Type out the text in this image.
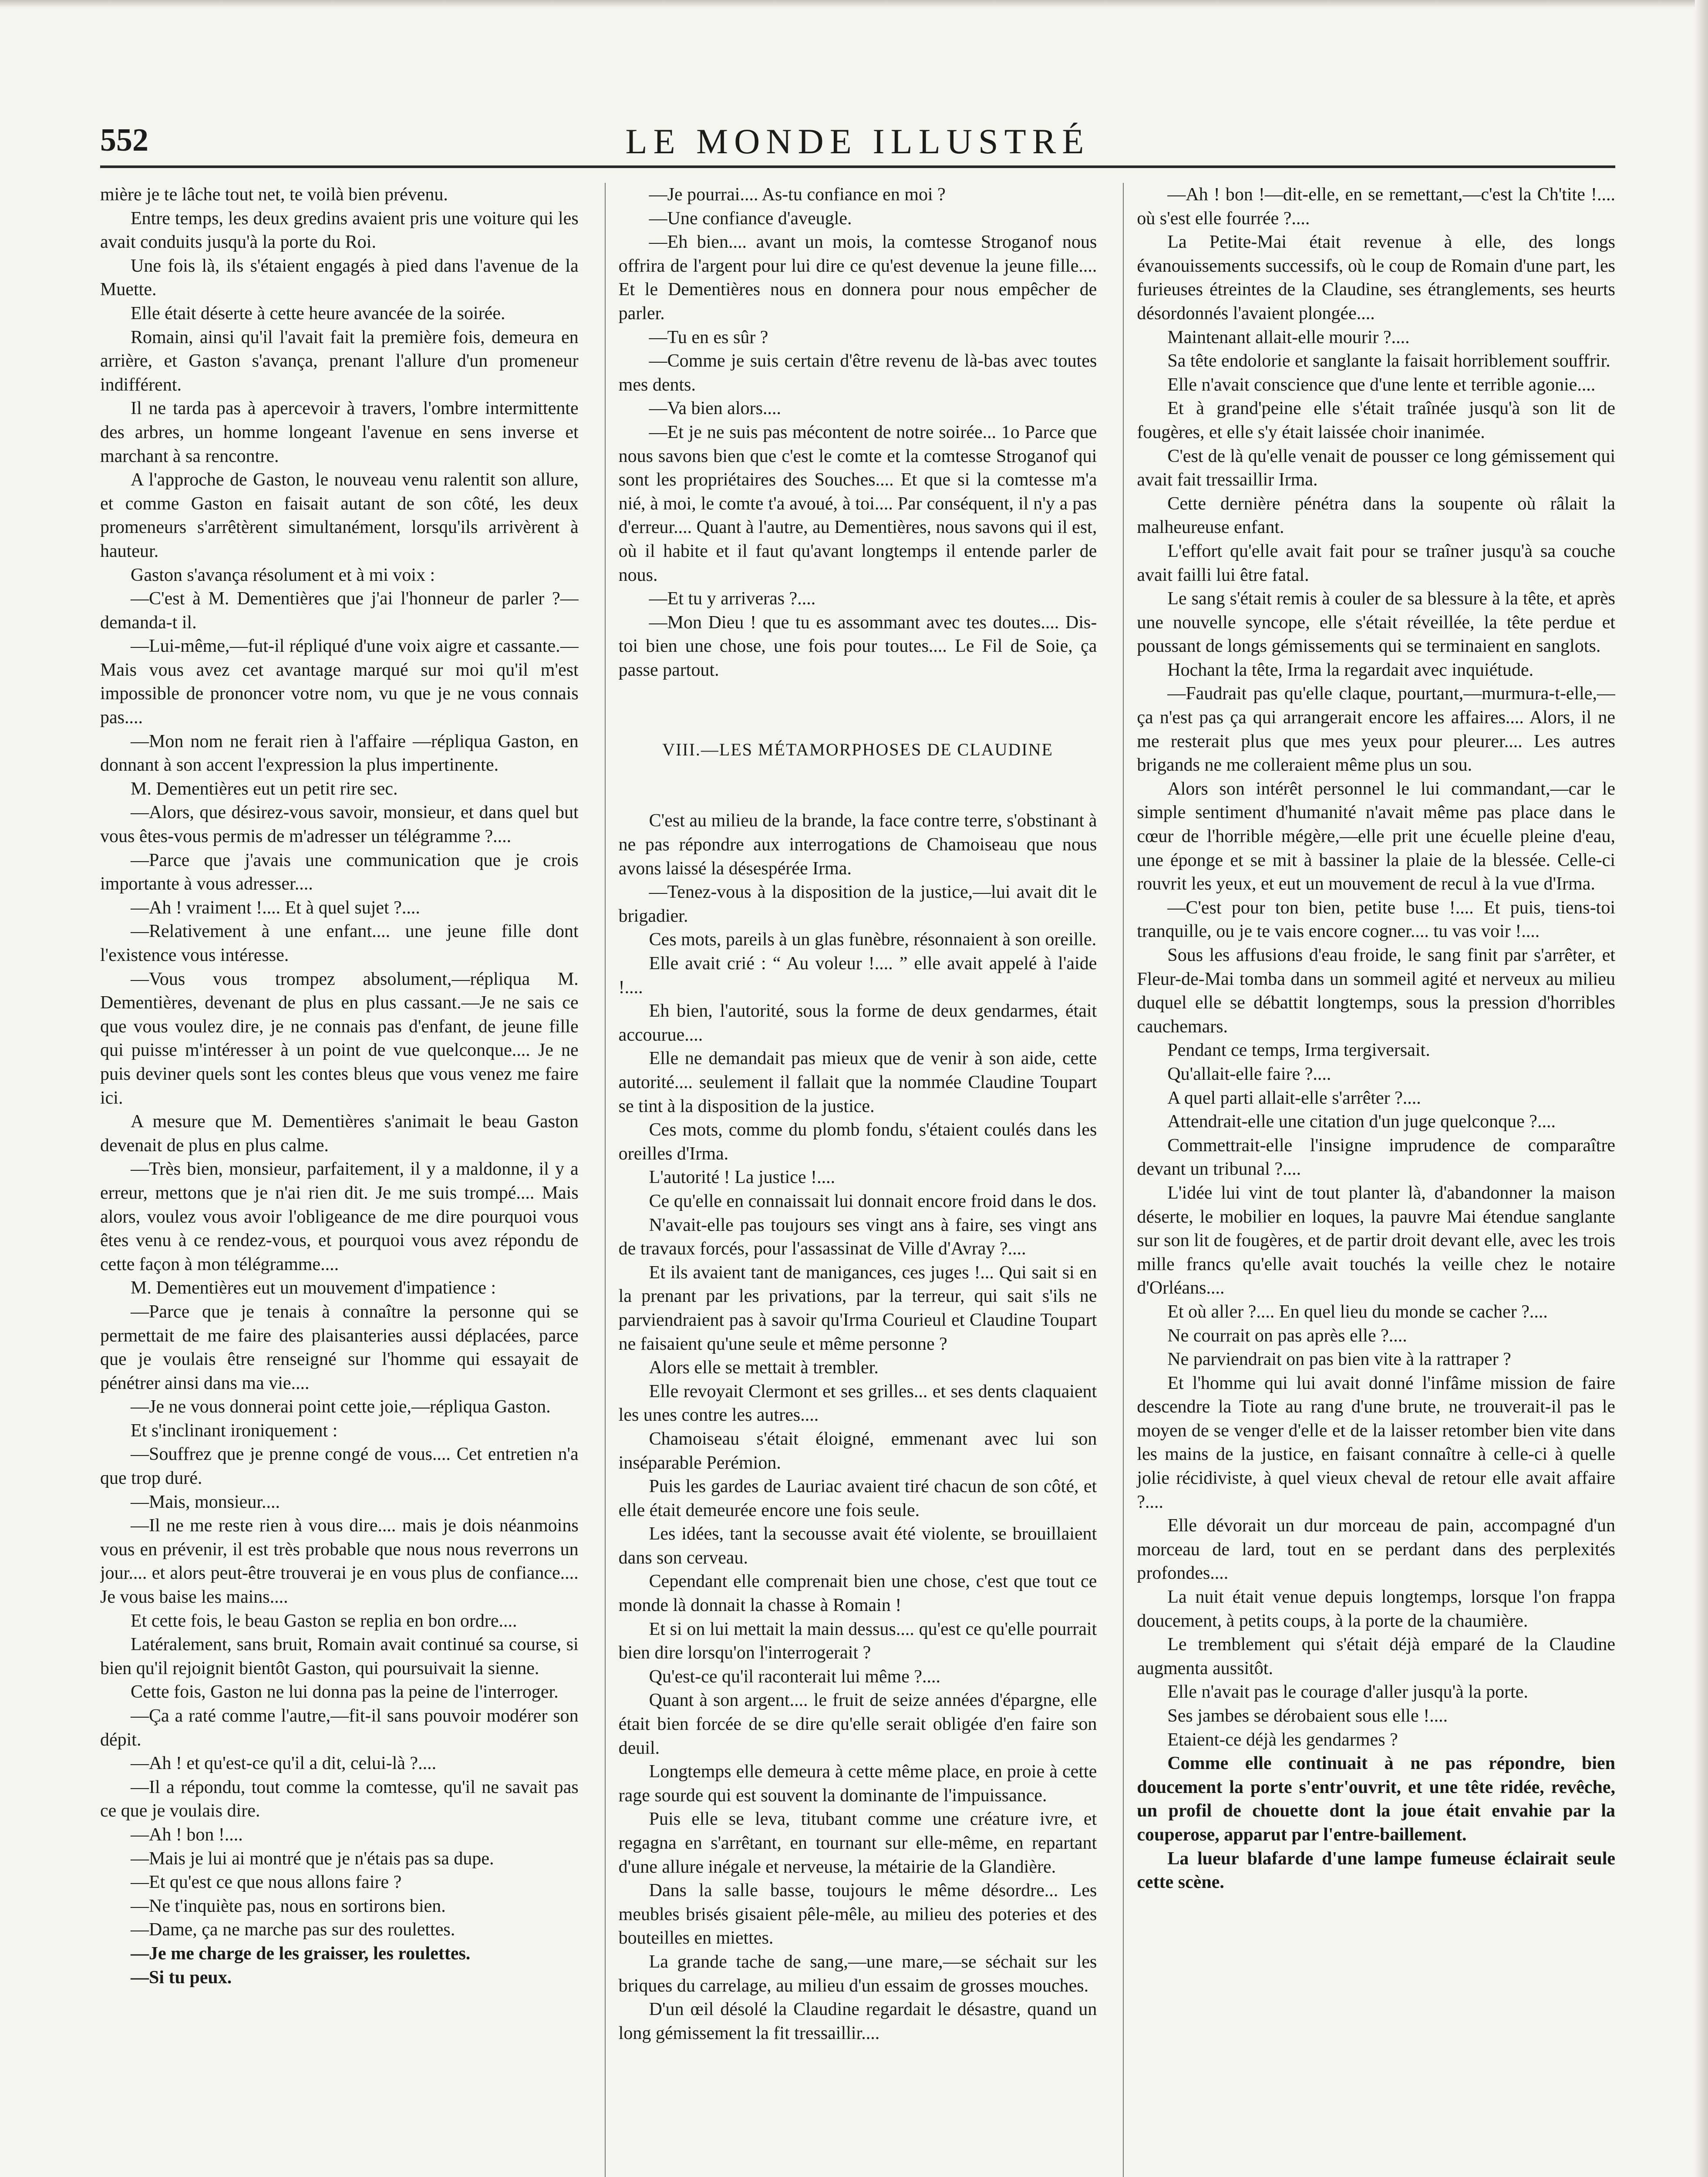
552	LE MONDE ILLUSTRÉ

mière je te lâche tout net, te voilà bien prévenu.

Entre temps, les deux gredins avaient pris une voiture qui les avait conduits jusqu'à la porte du Roi.

Une fois là, ils s'étaient engagés à pied dans l'avenue de la Muette.

Elle était déserte à cette heure avancée de la soirée.

Romain, ainsi qu'il l'avait fait la première fois, demeura en arrière, et Gaston s'avança, prenant l'allure d'un promeneur indifférent.

Il ne tarda pas à apercevoir à travers, l'ombre intermittente des arbres, un homme longeant l'avenue en sens inverse et marchant à sa rencontre.

A l'approche de Gaston, le nouveau venu ralentit son allure, et comme Gaston en faisait autant de son côté, les deux promeneurs s'arrêtèrent simultanément, lorsqu'ils arrivèrent à hauteur.

Gaston s'avança résolument et à mi voix :

—C'est à M. Dementières que j'ai l'honneur de parler ?—demanda-t il.

—Lui-même,—fut-il répliqué d'une voix aigre et cassante.—Mais vous avez cet avantage marqué sur moi qu'il m'est impossible de prononcer votre nom, vu que je ne vous connais pas....

—Mon nom ne ferait rien à l'affaire —répliqua Gaston, en donnant à son accent l'expression la plus impertinente.

M. Dementières eut un petit rire sec.

—Alors, que désirez-vous savoir, monsieur, et dans quel but vous êtes-vous permis de m'adresser un télégramme ?....

—Parce que j'avais une communication que je crois importante à vous adresser....

—Ah ! vraiment !.... Et à quel sujet ?....

—Relativement à une enfant.... une jeune fille dont l'existence vous intéresse.

—Vous vous trompez absolument,—répliqua M. Dementières, devenant de plus en plus cassant.—Je ne sais ce que vous voulez dire, je ne connais pas d'enfant, de jeune fille qui puisse m'intéresser à un point de vue quelconque.... Je ne puis deviner quels sont les contes bleus que vous venez me faire ici.

A mesure que M. Dementières s'animait le beau Gaston devenait de plus en plus calme.

—Très bien, monsieur, parfaitement, il y a maldonne, il y a erreur, mettons que je n'ai rien dit. Je me suis trompé.... Mais alors, voulez vous avoir l'obligeance de me dire pourquoi vous êtes venu à ce rendez-vous, et pourquoi vous avez répondu de cette façon à mon télégramme....

M. Dementières eut un mouvement d'impatience :

—Parce que je tenais à connaître la personne qui se permettait de me faire des plaisanteries aussi déplacées, parce que je voulais être renseigné sur l'homme qui essayait de pénétrer ainsi dans ma vie....

—Je ne vous donnerai point cette joie,—répliqua Gaston.

Et s'inclinant ironiquement :

—Souffrez que je prenne congé de vous.... Cet entretien n'a que trop duré.

—Mais, monsieur....

—Il ne me reste rien à vous dire.... mais je dois néanmoins vous en prévenir, il est très probable que nous nous reverrons un jour.... et alors peut-être trouverai je en vous plus de confiance.... Je vous baise les mains....

Et cette fois, le beau Gaston se replia en bon ordre....

Latéralement, sans bruit, Romain avait continué sa course, si bien qu'il rejoignit bientôt Gaston, qui poursuivait la sienne.

Cette fois, Gaston ne lui donna pas la peine de l'interroger.

—Ça a raté comme l'autre,—fit-il sans pouvoir modérer son dépit.

—Ah ! et qu'est-ce qu'il a dit, celui-là ?....

—Il a répondu, tout comme la comtesse, qu'il ne savait pas ce que je voulais dire.

—Ah ! bon !....

—Mais je lui ai montré que je n'étais pas sa dupe.

—Et qu'est ce que nous allons faire ?

—Ne t'inquiète pas, nous en sortirons bien.

—Dame, ça ne marche pas sur des roulettes.

—Je me charge de les graisser, les roulettes.

—Si tu peux.

—Je pourrai.... As-tu confiance en moi ?

—Une confiance d'aveugle.

—Eh bien.... avant un mois, la comtesse Stroganof nous offrira de l'argent pour lui dire ce qu'est devenue la jeune fille.... Et le Dementières nous en donnera pour nous empêcher de parler.

—Tu en es sûr ?

—Comme je suis certain d'être revenu de là-bas avec toutes mes dents.

—Va bien alors....

—Et je ne suis pas mécontent de notre soirée... 1o Parce que nous savons bien que c'est le comte et la comtesse Stroganof qui sont les propriétaires des Souches.... Et que si la comtesse m'a nié, à moi, le comte t'a avoué, à toi.... Par conséquent, il n'y a pas d'erreur.... Quant à l'autre, au Dementières, nous savons qui il est, où il habite et il faut qu'avant longtemps il entende parler de nous.

—Et tu y arriveras ?....

—Mon Dieu ! que tu es assommant avec tes doutes.... Dis-toi bien une chose, une fois pour toutes.... Le Fil de Soie, ça passe partout.

VIII.—LES MÉTAMORPHOSES DE CLAUDINE

C'est au milieu de la brande, la face contre terre, s'obstinant à ne pas répondre aux interrogations de Chamoiseau que nous avons laissé la désespérée Irma.

—Tenez-vous à la disposition de la justice,—lui avait dit le brigadier.

Ces mots, pareils à un glas funèbre, résonnaient à son oreille.

Elle avait crié : “ Au voleur !.... ” elle avait appelé à l'aide !....

Eh bien, l'autorité, sous la forme de deux gendarmes, était accourue....

Elle ne demandait pas mieux que de venir à son aide, cette autorité.... seulement il fallait que la nommée Claudine Toupart se tint à la disposition de la justice.

Ces mots, comme du plomb fondu, s'étaient coulés dans les oreilles d'Irma.

L'autorité ! La justice !....

Ce qu'elle en connaissait lui donnait encore froid dans le dos.

N'avait-elle pas toujours ses vingt ans à faire, ses vingt ans de travaux forcés, pour l'assassinat de Ville d'Avray ?....

Et ils avaient tant de manigances, ces juges !... Qui sait si en la prenant par les privations, par la terreur, qui sait s'ils ne parviendraient pas à savoir qu'Irma Courieul et Claudine Toupart ne faisaient qu'une seule et même personne ?

Alors elle se mettait à trembler.

Elle revoyait Clermont et ses grilles... et ses dents claquaient les unes contre les autres....

Chamoiseau s'était éloigné, emmenant avec lui son inséparable Perémion.

Puis les gardes de Lauriac avaient tiré chacun de son côté, et elle était demeurée encore une fois seule.

Les idées, tant la secousse avait été violente, se brouillaient dans son cerveau.

Cependant elle comprenait bien une chose, c'est que tout ce monde là donnait la chasse à Romain !

Et si on lui mettait la main dessus.... qu'est ce qu'elle pourrait bien dire lorsqu'on l'interrogerait ?

Qu'est-ce qu'il raconterait lui même ?....

Quant à son argent.... le fruit de seize années d'épargne, elle était bien forcée de se dire qu'elle serait obligée d'en faire son deuil.

Longtemps elle demeura à cette même place, en proie à cette rage sourde qui est souvent la dominante de l'impuissance.

Puis elle se leva, titubant comme une créature ivre, et regagna en s'arrêtant, en tournant sur elle-même, en repartant d'une allure inégale et nerveuse, la métairie de la Glandière.

Dans la salle basse, toujours le même désordre... Les meubles brisés gisaient pêle-mêle, au milieu des poteries et des bouteilles en miettes.

La grande tache de sang,—une mare,—se séchait sur les briques du carrelage, au milieu d'un essaim de grosses mouches.

D'un œil désolé la Claudine regardait le désastre, quand un long gémissement la fit tressaillir....

—Ah ! bon !—dit-elle, en se remettant,—c'est la Ch'tite !.... où s'est elle fourrée ?....

La Petite-Mai était revenue à elle, des longs évanouissements successifs, où le coup de Romain d'une part, les furieuses étreintes de la Claudine, ses étranglements, ses heurts désordonnés l'avaient plongée....

Maintenant allait-elle mourir ?....

Sa tête endolorie et sanglante la faisait horriblement souffrir.

Elle n'avait conscience que d'une lente et terrible agonie....

Et à grand'peine elle s'était traînée jusqu'à son lit de fougères, et elle s'y était laissée choir inanimée.

C'est de là qu'elle venait de pousser ce long gémissement qui avait fait tressaillir Irma.

Cette dernière pénétra dans la soupente où râlait la malheureuse enfant.

L'effort qu'elle avait fait pour se traîner jusqu'à sa couche avait failli lui être fatal.

Le sang s'était remis à couler de sa blessure à la tête, et après une nouvelle syncope, elle s'était réveillée, la tête perdue et poussant de longs gémissements qui se terminaient en sanglots.

Hochant la tête, Irma la regardait avec inquiétude.

—Faudrait pas qu'elle claque, pourtant,—murmura-t-elle,—ça n'est pas ça qui arrangerait encore les affaires.... Alors, il ne me resterait plus que mes yeux pour pleurer.... Les autres brigands ne me colleraient même plus un sou.

Alors son intérêt personnel le lui commandant,—car le simple sentiment d'humanité n'avait même pas place dans le cœur de l'horrible mégère,—elle prit une écuelle pleine d'eau, une éponge et se mit à bassiner la plaie de la blessée. Celle-ci rouvrit les yeux, et eut un mouvement de recul à la vue d'Irma.

—C'est pour ton bien, petite buse !.... Et puis, tiens-toi tranquille, ou je te vais encore cogner.... tu vas voir !....

Sous les affusions d'eau froide, le sang finit par s'arrêter, et Fleur-de-Mai tomba dans un sommeil agité et nerveux au milieu duquel elle se débattit longtemps, sous la pression d'horribles cauchemars.

Pendant ce temps, Irma tergiversait.

Qu'allait-elle faire ?....

A quel parti allait-elle s'arrêter ?....

Attendrait-elle une citation d'un juge quelconque ?....

Commettrait-elle l'insigne imprudence de comparaître devant un tribunal ?....

L'idée lui vint de tout planter là, d'abandonner la maison déserte, le mobilier en loques, la pauvre Mai étendue sanglante sur son lit de fougères, et de partir droit devant elle, avec les trois mille francs qu'elle avait touchés la veille chez le notaire d'Orléans....

Et où aller ?.... En quel lieu du monde se cacher ?....

Ne courrait on pas après elle ?....

Ne parviendrait on pas bien vite à la rattraper ?

Et l'homme qui lui avait donné l'infâme mission de faire descendre la Tiote au rang d'une brute, ne trouverait-il pas le moyen de se venger d'elle et de la laisser retomber bien vite dans les mains de la justice, en faisant connaître à celle-ci à quelle jolie récidiviste, à quel vieux cheval de retour elle avait affaire ?....

Elle dévorait un dur morceau de pain, accompagné d'un morceau de lard, tout en se perdant dans des perplexités profondes....

La nuit était venue depuis longtemps, lorsque l'on frappa doucement, à petits coups, à la porte de la chaumière.

Le tremblement qui s'était déjà emparé de la Claudine augmenta aussitôt.

Elle n'avait pas le courage d'aller jusqu'à la porte.

Ses jambes se dérobaient sous elle !....

Etaient-ce déjà les gendarmes ?

Comme elle continuait à ne pas répondre, bien doucement la porte s'entr'ouvrit, et une tête ridée, revêche, un profil de chouette dont la joue était envahie par la couperose, apparut par l'entre-baillement.

La lueur blafarde d'une lampe fumeuse éclairait seule cette scène.
